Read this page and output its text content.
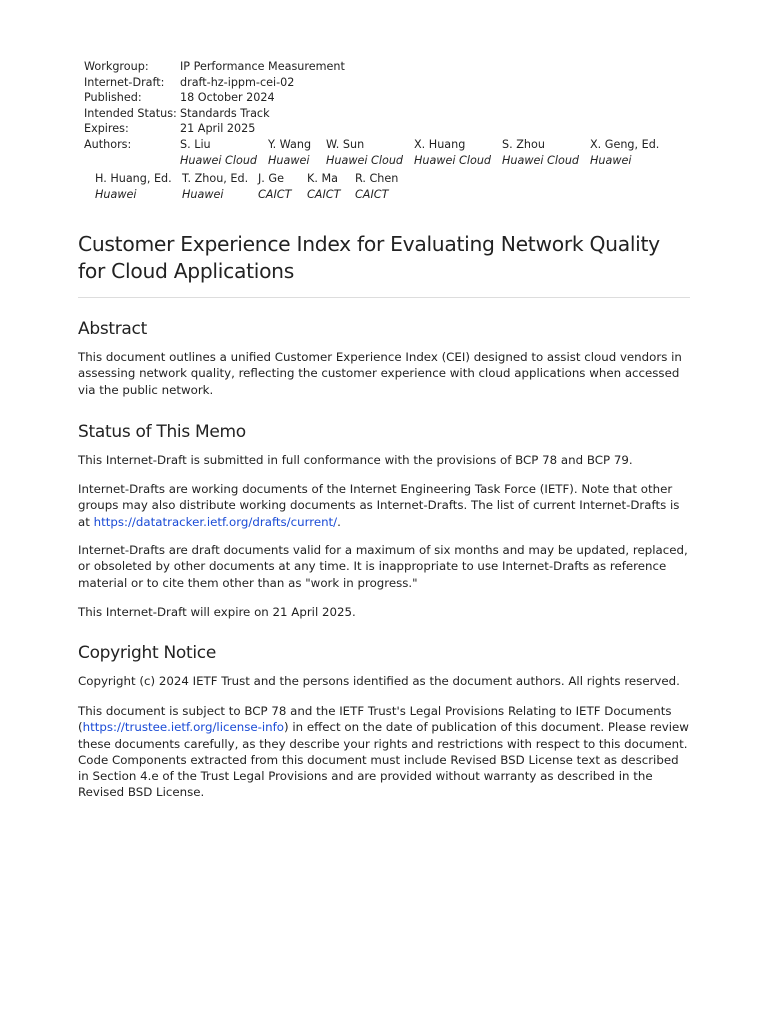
Workgroup:	IP Performance Measurement
Internet-Draft:	draft-hz-ippm-cei-02
Published:	18 October 2024
Intended Status: Standards Track
Expires:	21 April 2025
Authors:	S. Liu
Huawei Cloud
Y. Wang
Huawei
W. Sun
Huawei Cloud
X. Huang
Huawei Cloud
S. Zhou
Huawei Cloud
X. Geng, Ed.
Huawei
H. Huang, Ed.
Huawei
T. Zhou, Ed.
Huawei
J. Ge
CAICT
K. Ma
CAICT
R. Chen
CAICT
Customer Experience Index for Evaluating Network Quality for Cloud Applications
Abstract

This document outlines a unified Customer Experience Index (CEI) designed to assist cloud vendors in assessing network quality, reflecting the customer experience with cloud applications when accessed via the public network.

Status of This Memo

This Internet-Draft is submitted in full conformance with the provisions of BCP 78 and BCP 79.

Internet-Drafts are working documents of the Internet Engineering Task Force (IETF). Note that other groups may also distribute working documents as Internet-Drafts. The list of current Internet-Drafts is at https://datatracker.ietf.org/drafts/current/.

Internet-Drafts are draft documents valid for a maximum of six months and may be updated, replaced, or obsoleted by other documents at any time. It is inappropriate to use Internet-Drafts as reference material or to cite them other than as "work in progress."

This Internet-Draft will expire on 21 April 2025.

Copyright Notice

Copyright (c) 2024 IETF Trust and the persons identified as the document authors. All rights reserved.

This document is subject to BCP 78 and the IETF Trust's Legal Provisions Relating to IETF Documents (https://trustee.ietf.org/license-info) in effect on the date of publication of this document. Please review these documents carefully, as they describe your rights and restrictions with respect to this document. Code Components extracted from this document must include Revised BSD License text as described in Section 4.e of the Trust Legal Provisions and are provided without warranty as described in the Revised BSD License.
